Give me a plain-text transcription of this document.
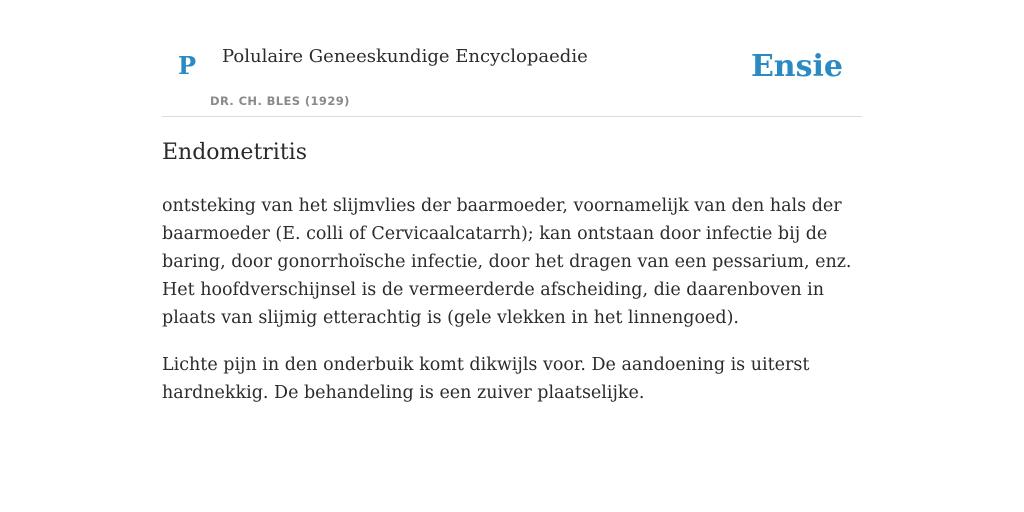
P Polulaire Geneeskundige Encyclopaedie
DR. CH. BLES (1929)
Ensie
Endometritis

ontsteking van het slijmvlies der baarmoeder, voornamelijk van den hals der baarmoeder (E. colli of Cervicaalcatarrh); kan ontstaan door infectie bij de baring, door gonorrhoïsche infectie, door het dragen van een pessarium, enz. Het hoofdverschijnsel is de vermeerderde afscheiding, die daarenboven in plaats van slijmig etterachtig is (gele vlekken in het linnengoed).

Lichte pijn in den onderbuik komt dikwijls voor. De aandoening is uiterst hardnekkig. De behandeling is een zuiver plaatselijke.
